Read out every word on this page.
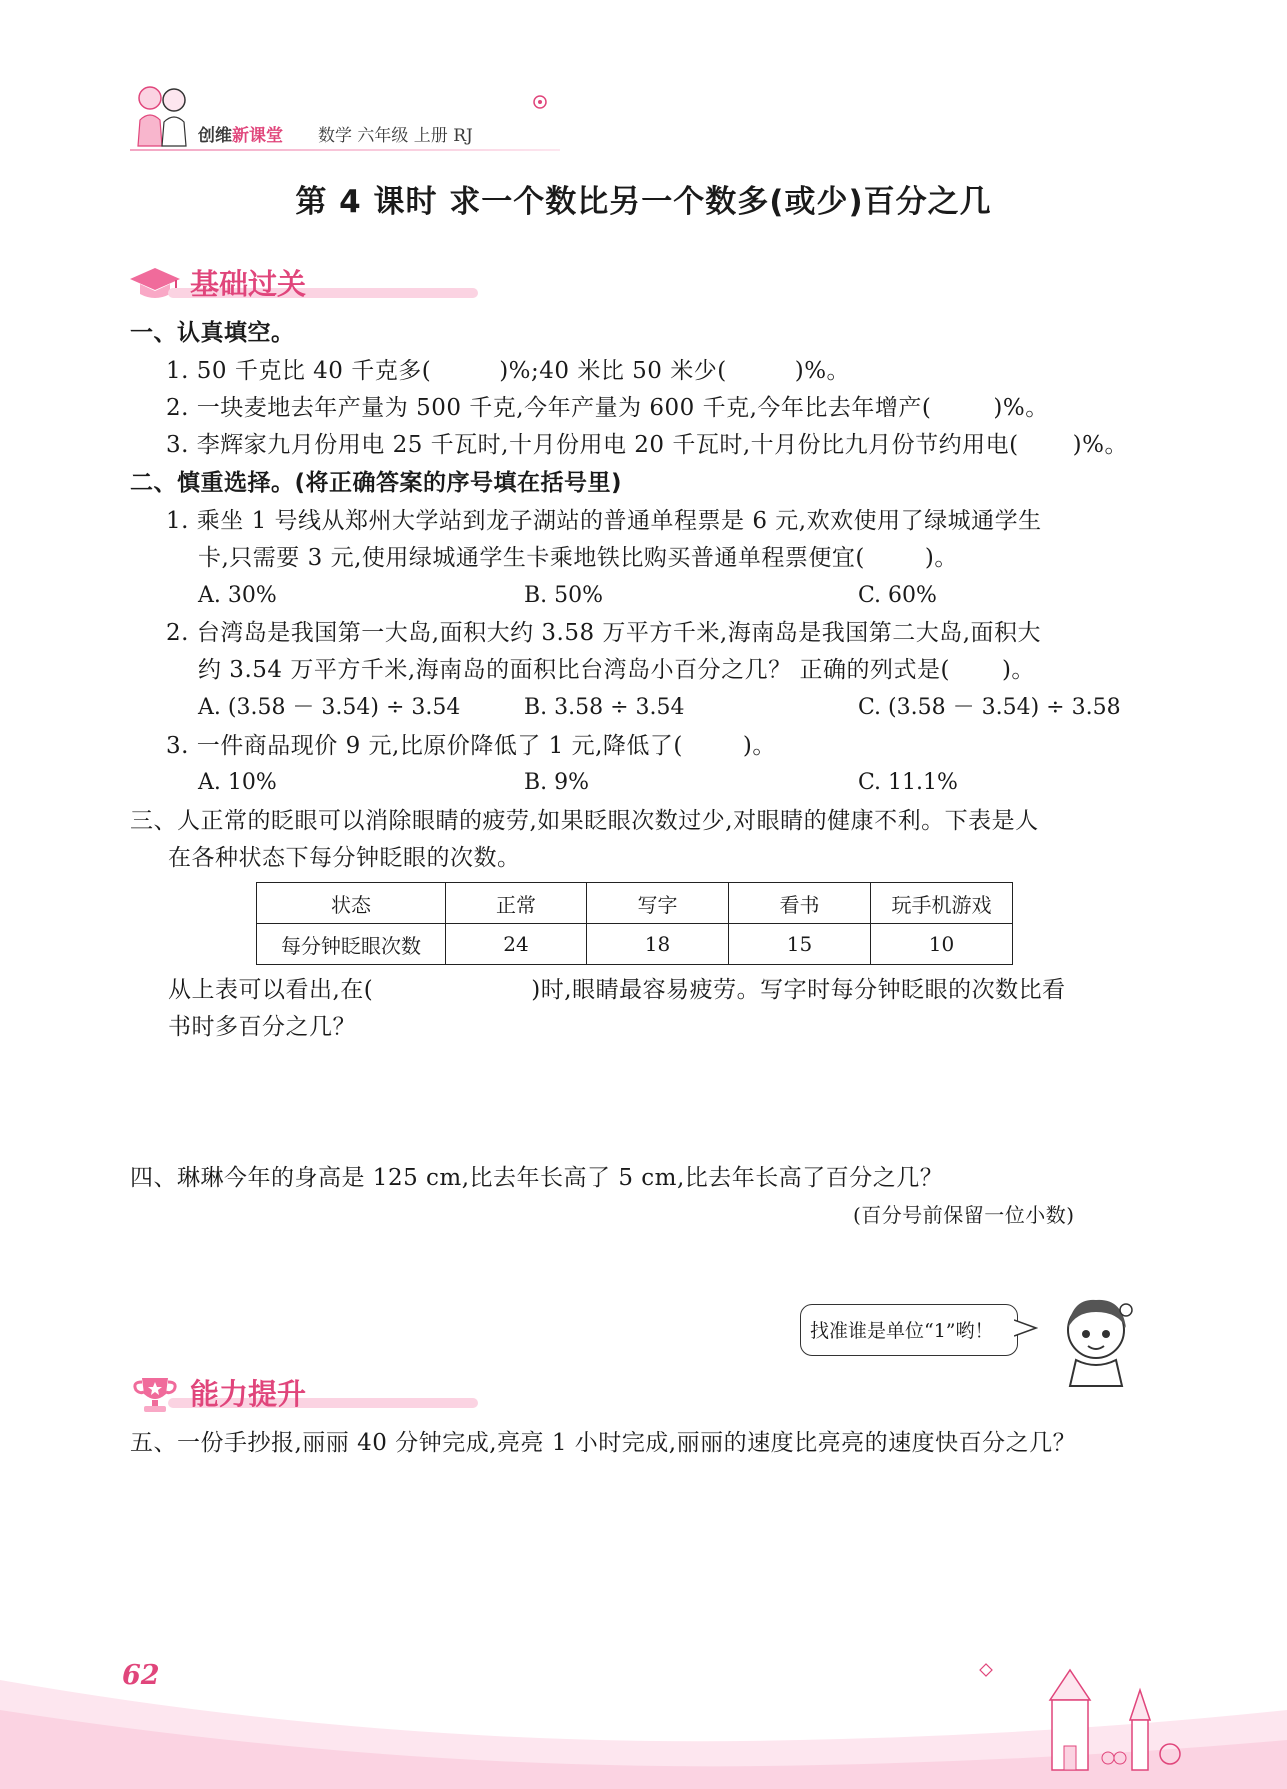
创维新课堂 数学 六年级 上册 RJ
第 4 课时 求一个数比另一个数多(或少)百分之几
基础过关
一、认真填空。
1. 50 千克比 40 千克多(	)%;40 米比 50 米少(	)%。
2. 一块麦地去年产量为 500 千克,今年产量为 600 千克,今年比去年增产(	)%。
3. 李辉家九月份用电 25 千瓦时,十月份用电 20 千瓦时,十月份比九月份节约用电( )%。
二、慎重选择。(将正确答案的序号填在括号里)
1. 乘坐 1 号线从郑州大学站到龙子湖站的普通单程票是 6 元,欢欢使用了绿城通学生
卡,只需要 3 元,使用绿城通学生卡乘地铁比购买普通单程票便宜(	)。
A. 30%	B. 50%	C. 60%
2. 台湾岛是我国第一大岛,面积大约 3.58 万平方千米,海南岛是我国第二大岛,面积大
约 3.54 万平方千米,海南岛的面积比台湾岛小百分之几？ 正确的列式是( )。
A. (3.58 － 3.54) ÷ 3.54	B. 3.58 ÷ 3.54	C. (3.58 － 3.54) ÷ 3.58
3. 一件商品现价 9 元,比原价降低了 1 元,降低了(	)。
A. 10%	B. 9%	C. 11.1%
三、人正常的眨眼可以消除眼睛的疲劳,如果眨眼次数过少,对眼睛的健康不利。下表是人
在各种状态下每分钟眨眼的次数。
状态	正常	写字	看书	玩手机游戏
每分钟眨眼次数	24	18	15	10
从上表可以看出,在(	)时,眼睛最容易疲劳。写字时每分钟眨眼的次数比看
书时多百分之几？
四、琳琳今年的身高是 125 cm,比去年长高了 5 cm,比去年长高了百分之几？
(百分号前保留一位小数)
找准谁是单位“1”哟！
能力提升
五、一份手抄报,丽丽 40 分钟完成,亮亮 1 小时完成,丽丽的速度比亮亮的速度快百分之几？
62
